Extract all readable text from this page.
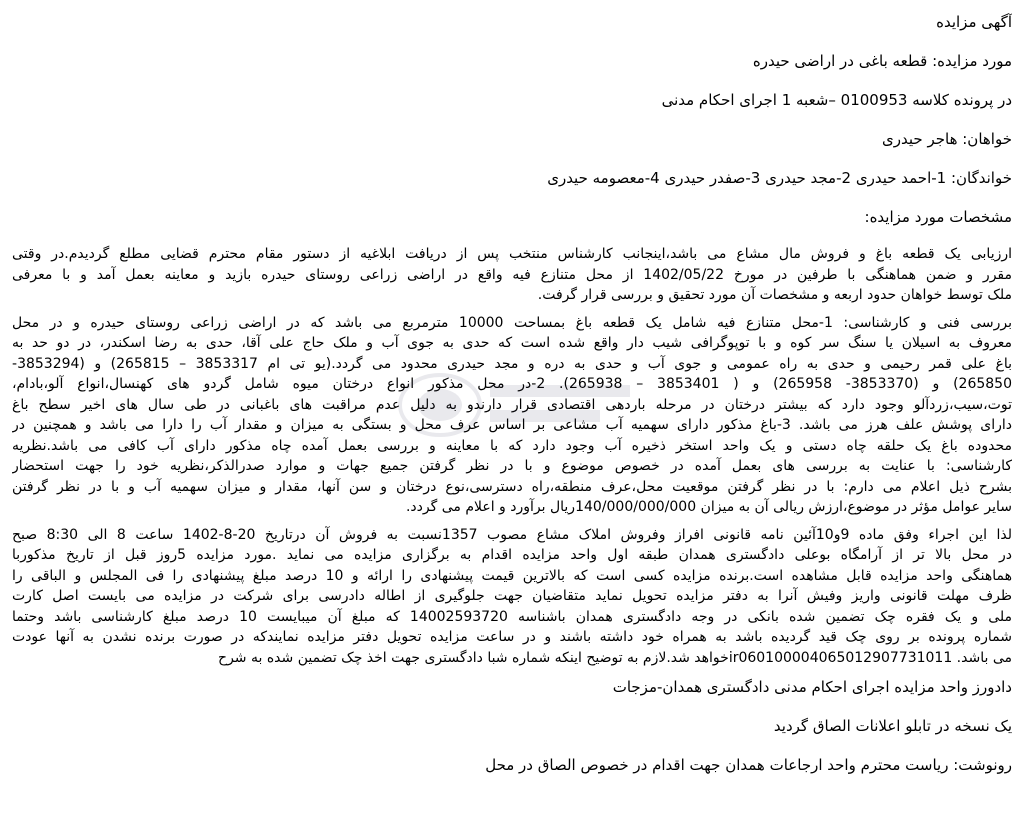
آگهی مزایده
مورد مزایده: قطعه باغی در اراضی حیدره
در پرونده کلاسه 0100953 –شعبه 1 اجرای احکام مدنی
خواهان: هاجر حیدری
خواندگان: 1-احمد حیدری 2-مجد حیدری 3-صفدر حیدری 4-معصومه حیدری
مشخصات مورد مزایده:
ارزیابی یک قطعه باغ و فروش مال مشاع می باشد،اینجانب کارشناس منتخب پس از دریافت ابلاغیه از دستور مقام محترم قضایی مطلع گردیدم.در وقتی
مقرر و ضمن هماهنگی با طرفین در مورخ 1402/05/22 از محل متنازع فیه واقع در اراضی زراعی روستای حیدره بازید و معاینه بعمل آمد و با معرفی
ملک توسط خواهان حدود اربعه و مشخصات آن مورد تحقیق و بررسی قرار گرفت.
بررسی فنی و کارشناسی: 1-محل متنازع فیه شامل یک قطعه باغ بمساحت 10000 مترمربع می باشد که در اراضی زراعی روستای حیدره و در محل
معروف به اسیلان یا سنگ سر کوه و با توپوگرافی شیب دار واقع شده است که حدی به جوی آب و ملک حاج علی آقا، حدی به رضا اسکندر، در دو حد به
باغ علی قمر رحیمی و حدی به راه عمومی و جوی آب و حدی به دره و مجد حیدری محدود می گردد.(یو تی ام 3853317 – 265815) و (3853294-
265850) و (3853370- 265958) و ( 3853401 – 265938). 2-در محل مذکور انواع درختان میوه شامل گردو های کهنسال،انواع آلو،بادام،
توت،سیب،زردآلو وجود دارد که بیشتر درختان در مرحله باردهی اقتصادی قرار دارندو به دلیل عدم مراقبت های باغبانی در طی سال های اخیر سطح باغ
دارای پوشش علف هرز می باشد. 3-باغ مذکور دارای سهمیه آب مشاعی بر اساس عرف محل و بستگی به میزان و مقدار آب را دارا می باشد و همچنین در
محدوده باغ یک حلقه چاه دستی و یک واحد استخر ذخیره آب وجود دارد که با معاینه و بررسی بعمل آمده چاه مذکور دارای آب کافی می باشد.نظریه
کارشناسی: با عنایت به بررسی های بعمل آمده در خصوص موضوع و با در نظر گرفتن جمیع جهات و موارد صدرالذکر،نظریه خود را جهت استحضار
بشرح ذیل اعلام می دارم: با در نظر گرفتن موقعیت محل،عرف منطقه،راه دسترسی،نوع درختان و سن آنها، مقدار و میزان سهمیه آب و با در نظر گرفتن
سایر عوامل مؤثر در موضوع،ارزش ریالی آن به میزان 140/000/000/000ریال برآورد و اعلام می گردد.
لذا این اجراء وفق ماده 9و10آئین نامه قانونی افراز وفروش املاک مشاع مصوب 1357نسبت به فروش آن درتاریخ 20-8-1402 ساعت 8 الی 8:30 صبح
در محل بالا تر از آرامگاه بوعلی دادگستری همدان طبقه اول واحد مزایده اقدام به برگزاری مزایده می نماید .مورد مزایده 5روز قبل از تاریخ مذکوربا
هماهنگی واحد مزایده قابل مشاهده است.برنده مزایده کسی است که بالاترین قیمت پیشنهادی را ارائه و 10 درصد مبلغ پیشنهادی را فی المجلس و الباقی را
ظرف مهلت قانونی واریز وفیش آنرا به دفتر مزایده تحویل نماید متقاضیان جهت جلوگیری از اطاله دادرسی برای شرکت در مزایده می بایست اصل کارت
ملی و یک فقره چک تضمین شده بانکی در وجه دادگستری همدان باشناسه 14002593720 که مبلغ آن میبایست 10 درصد مبلغ کارشناسی باشد وحتما
شماره پرونده بر روی چک قید گردیده باشد به همراه خود داشته باشند و در ساعت مزایده تحویل دفتر مزایده نمایندکه در صورت برنده نشدن به آنها عودت
می باشد. ir060100004065012907731011خواهد شد.لازم به توضیح اینکه شماره شبا دادگستری جهت اخذ چک تضمین شده به شرح
دادورز واحد مزایده اجرای احکام مدنی دادگستری همدان-مزجات
یک نسخه در تابلو اعلانات الصاق گردید
رونوشت: ریاست محترم واحد ارجاعات همدان جهت اقدام در خصوص الصاق در محل
